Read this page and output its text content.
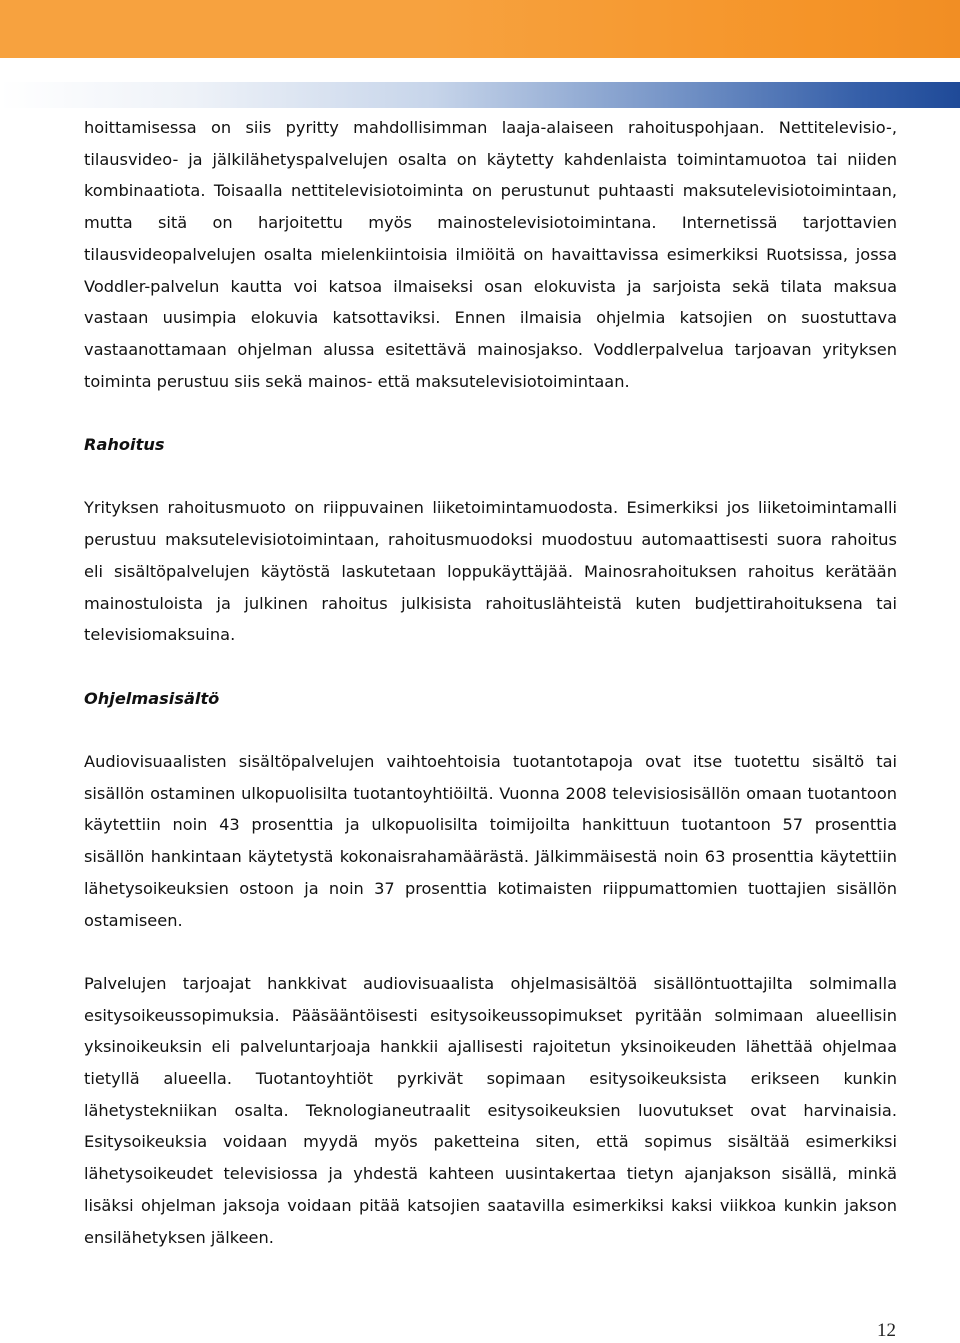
hoittamisessa on siis pyritty mahdollisimman laaja-alaiseen rahoituspohjaan. Nettitelevisio-, tilausvideo- ja jälkilähetyspalvelujen osalta on käytetty kahdenlaista toimintamuotoa tai niiden kombinaatiota. Toisaalla nettitelevisiotoiminta on perustunut puhtaasti maksutelevisiotoimintaan, mutta sitä on harjoitettu myös mainostelevisiotoimintana. Internetissä tarjottavien tilausvideopalvelujen osalta mielenkiintoisia ilmiöitä on havaittavissa esimerkiksi Ruotsissa, jossa Voddler-palvelun kautta voi katsoa ilmaiseksi osan elokuvista ja sarjoista sekä tilata maksua vastaan uusimpia elokuvia katsottaviksi. Ennen ilmaisia ohjelmia katsojien on suostuttava vastaanottamaan ohjelman alussa esitettävä mainosjakso. Voddlerpalvelua tarjoavan yrityksen toiminta perustuu siis sekä mainos- että maksutelevisiotoimintaan.

Rahoitus

Yrityksen rahoitusmuoto on riippuvainen liiketoimintamuodosta. Esimerkiksi jos liiketoimintamalli perustuu maksutelevisiotoimintaan, rahoitusmuodoksi muodostuu automaattisesti suora rahoitus eli sisältöpalvelujen käytöstä laskutetaan loppukäyttäjää. Mainosrahoituksen rahoitus kerätään mainostuloista ja julkinen rahoitus julkisista rahoituslähteistä kuten budjettirahoituksena tai televisiomaksuina.

Ohjelmasisältö

Audiovisuaalisten sisältöpalvelujen vaihtoehtoisia tuotantotapoja ovat itse tuotettu sisältö tai sisällön ostaminen ulkopuolisilta tuotantoyhtiöiltä. Vuonna 2008 televisiosisällön omaan tuotantoon käytettiin noin 43 prosenttia ja ulkopuolisilta toimijoilta hankittuun tuotantoon 57 prosenttia sisällön hankintaan käytetystä kokonaisrahamäärästä. Jälkimmäisestä noin 63 prosenttia käytettiin lähetysoikeuksien ostoon ja noin 37 prosenttia kotimaisten riippumattomien tuottajien sisällön ostamiseen.

Palvelujen tarjoajat hankkivat audiovisuaalista ohjelmasisältöä sisällöntuottajilta solmimalla esitysoikeussopimuksia. Pääsääntöisesti esitysoikeussopimukset pyritään solmimaan alueellisin yksinoikeuksin eli palveluntarjoaja hankkii ajallisesti rajoitetun yksinoikeuden lähettää ohjelmaa tietyllä alueella. Tuotantoyhtiöt pyrkivät sopimaan esitysoikeuksista erikseen kunkin lähetystekniikan osalta. Teknologianeutraalit esitysoikeuksien luovutukset ovat harvinaisia. Esitysoikeuksia voidaan myydä myös paketteina siten, että sopimus sisältää esimerkiksi lähetysoikeudet televisiossa ja yhdestä kahteen uusintakertaa tietyn ajanjakson sisällä, minkä lisäksi ohjelman jaksoja voidaan pitää katsojien saatavilla esimerkiksi kaksi viikkoa kunkin jakson ensilähetyksen jälkeen.

12
